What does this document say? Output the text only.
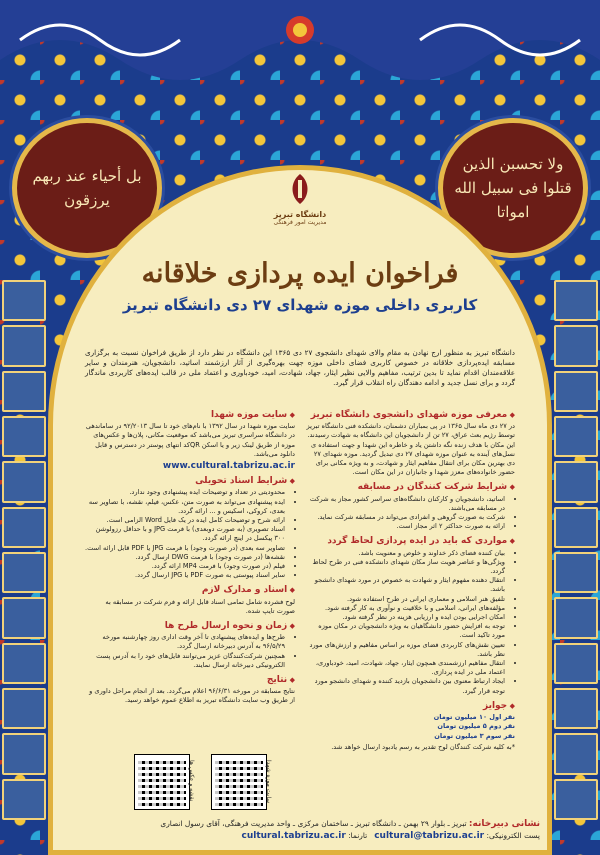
بل أحیاء عند ربهم یرزقون
ولا تحسبن الذین قتلوا فی سبیل الله امواتا
دانشگاه تبریز
مدیریت امور فرهنگی
فراخوان ایده پردازی خلاقانه
کاربری داخلی موزه شهدای ۲۷ دی دانشگاه تبریز
دانشگاه تبریز به منظور ارج نهادن به مقام والای شهدای دانشجوی ۲۷ دی ۱۳۶۵ این دانشگاه در نظر دارد از طریق فراخوان نسبت به برگزاری مسابقه ایده‌پردازی خلاقانه در خصوص کاربری فضای داخلی موزه جهت بهره‌گیری از آثار ارزشمند اساتید، دانشجویان، هنرمندان و سایر علاقه‌مندان اقدام نماید تا بدین ترتیب، مفاهیم والایی نظیر ایثار، جهاد، شهادت، امید، خودباوری و اعتماد ملی در قالب ایده‌های کاربردی ماندگار گردد و برای نسل جدید و ادامه دهندگان راه انقلاب قرار گیرد.
◆ معرفی موزه شهدای دانشجوی دانشگاه تبریز

در ۲۷ دی ماه سال ۱۳۶۵ در پی بمباران دشمنان، دانشکده فنی دانشگاه تبریز توسط رژیم بعث عراق، ۲۷ تن از دانشجویان این دانشگاه به شهادت رسیدند. این مکان با هدف زنده نگه داشتن یاد و خاطره این شهدا و جهت استفاده ی نسل‌های آینده به عنوان موزه شهدای ۲۷ دی تبدیل گردید. موزه شهدای ۲۷ دی بهترین مکان برای انتقال مفاهیم ایثار و شهادت، و به ویژه مکانی برای حضور خانواده‌های معزز شهدا و جانبازان در این مکان است.

◆ شرایط شرکت کنندگان در مسابقه
• اساتید، دانشجویان و کارکنان دانشگاه‌های سراسر کشور مجاز به شرکت در مسابقه می‌باشند.
• شرکت به صورت گروهی و انفرادی می‌تواند در مسابقه شرکت نماید.
• ارائه به صورت حداکثر ۲ اثر مجاز است.
◆ مواردی که باید در ایده پردازی لحاظ گردد
• بیان کننده فضای ذکر خداوند و خلوص و معنویت باشد.
• ویژگی‌ها و عناصر هویت ساز مکان شهدای دانشکده فنی در طرح لحاظ گردد.
• انتقال دهنده مفهوم ایثار و شهادت به خصوص در مورد شهدای دانشجو باشد.
• تلفیق هنر اسلامی و معماری ایرانی در طرح استفاده شود.
• مؤلفه‌های ایرانی، اسلامی و با خلاقیت و نوآوری به کار گرفته شود.
• امکان اجرایی بودن ایده و ارزیابی هزینه در نظر گرفته شود.
• توجه به افزایش حضور دانشگاهیان به ویژه دانشجویان در مکان موزه مورد تاکید است.
• تعیین نقش‌های کاربردی فضای موزه بر اساس مفاهیم و ارزش‌های مورد نظر باشد.
• انتقال مفاهیم ارزشمندی همچون ایثار، جهاد، شهادت، امید، خودباوری، اعتماد ملی در ایده پردازی.
• ایجاد ارتباط معنوی بین دانشجویان بازدید کننده و شهدای دانشجو مورد توجه قرار گیرد.
◆ جوایز
نفر اول ۱۰ میلیون تومان
نفر دوم ۵ میلیون تومان
نفر سوم ۳ میلیون تومان
*به کلیه شرکت کنندگان لوح تقدیر به رسم یادبود ارسال خواهد شد.
◆ سایت موزه شهدا

سایت موزه شهدا در سال ۱۳۹۲ با نام‌های خود تا سال ۹۲/۲۰۱۳ در ساماندهی در دانشگاه سراسری تبریز می‌باشد که موقعیت مکانی، پلان‌ها و عکس‌های موزه از طریق لینک زیر و یا اسکن QRکد انتهای پوستر در دسترس و قابل دانلود می‌باشد.

www.cultural.tabrizu.ac.ir
◆ شرایط اسناد تحویلی
• محدودیتی در تعداد و توضیحات ایده پیشنهادی وجود ندارد.
• ایده پیشنهادی می‌تواند به صورت متن، عکس، فیلم، نقشه، با تصاویر سه بعدی، کروکی، اسکیس و ... ارائه گردد.
• ارائه شرح و توضیحات کامل ایده در یک فایل Word الزامی است.
• اسناد تصویری (به صورت دوبعدی) با فرمت JPG و با حداقل رزولوشن ۳۰۰ پیکسل در اینچ ارائه گردد.
• تصاویر سه بعدی (در صورت وجود) با فرمت JPG یا PDF قابل ارائه است.
• نقشه‌ها (در صورت وجود) با فرمت DWG ارسال گردد.
• فیلم (در صورت وجود) با فرمت MP4 ارائه گردد.
• سایر اسناد پیوستی به صورت PDF یا JPG ارسال گردد.
◆ اسناد و مدارک لازم

لوح فشرده شامل تمامی اسناد قابل ارائه و فرم شرکت در مسابقه به صورت تایپ شده.

◆ زمان و نحوه ارسال طرح ها
• طرح‌ها و ایده‌های پیشنهادی تا آخر وقت اداری روز چهارشنبه مورخه ۹۶/۵/۲۹ به آدرس دبیرخانه ارسال گردد.
• همچنین شرکت‌کنندگان عزیز می‌توانند فایل‌های خود را به آدرس پست الکترونیکی دبیرخانه ارسال نمایند.
◆ نتایج

نتایج مسابقه در مورخه ۹۶/۶/۳۱ اعلام می‌گردد. بعد از انجام مراحل داوری و از طریق وب سایت دانشگاه تبریز به اطلاع عموم خواهد رسید.

سایت موزه شهدا
نقشه و عکس ها
نشانی دبیرخانه: تبریز ـ بلوار ۲۹ بهمن ـ دانشگاه تبریز ـ ساختمان مرکزی ـ واحد مدیریت فرهنگی، آقای رسول انصاری
پست الکترونیکی: cultural@tabrizu.ac.ir   تارنما: cultural.tabrizu.ac.ir
